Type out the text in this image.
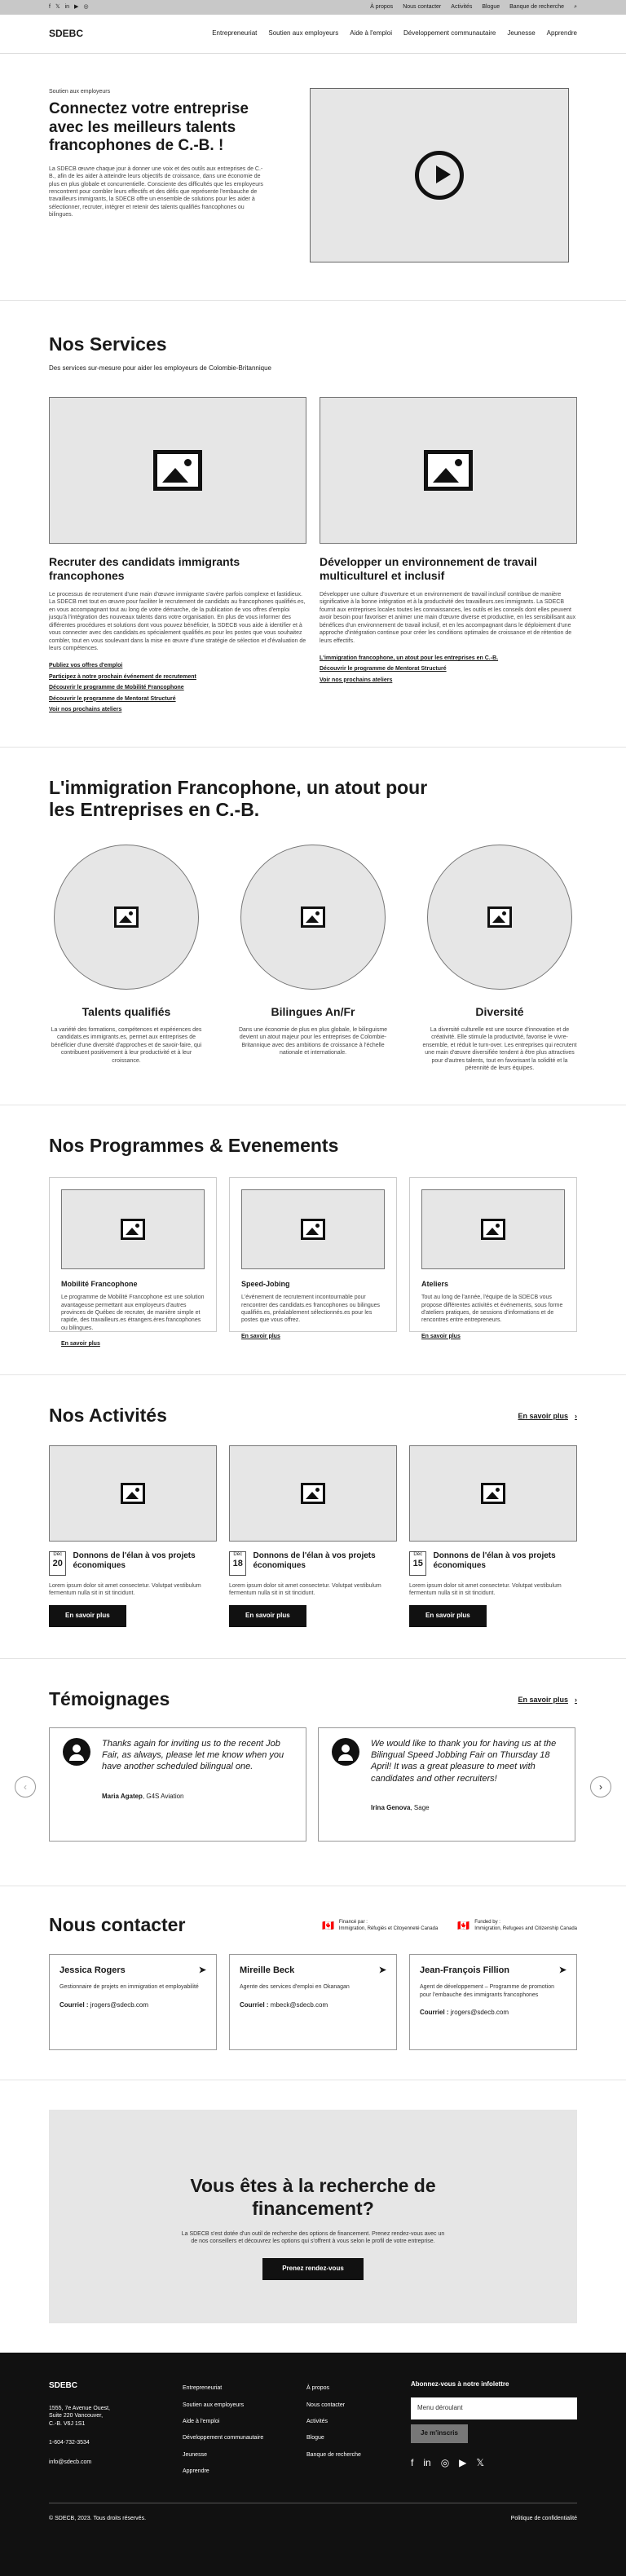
f 𝕏 in ▶ ◎	À propos Nous contacter Activités Blogue Banque de recherche ⌕
SDEBC	Entrepreneuriat Soutien aux employeurs Aide à l'emploi Développement communautaire Jeunesse Apprendre
Soutien aux employeurs
Connectez votre entreprise avec les meilleurs talents francophones de C.-B. !

La SDECB œuvre chaque jour à donner une voix et des outils aux entreprises de C.-B., afin de les aider à atteindre leurs objectifs de croissance, dans une économie de plus en plus globale et concurrentielle. Consciente des difficultés que les employeurs rencontrent pour combler leurs effectifs et des défis que représente l'embauche de travailleurs immigrants, la SDECB offre un ensemble de solutions pour les aider à sélectionner, recruter, intégrer et retenir des talents qualifiés francophones ou bilingues.

Nos Services
Des services sur-mesure pour aider les employeurs de Colombie-Britannique
Recruter des candidats immigrants francophones

Le processus de recrutement d'une main d'œuvre immigrante s'avère parfois complexe et fastidieux. La SDECB met tout en œuvre pour faciliter le recrutement de candidats au francophones qualifiés.es, en vous accompagnant tout au long de votre démarche, de la publication de vos offres d'emploi jusqu'à l'intégration des nouveaux talents dans votre organisation. En plus de vous informer des différentes procédures et solutions dont vous pouvez bénéficier, la SDECB vous aide à identifier et à vous connecter avec des candidats.es spécialement qualifiés.es pour les postes que vous souhaitez combler, tout en vous soulevant dans la mise en œuvre d'une stratégie de sélection et d'évaluation de leurs compétences.

Publiez vos offres d'emploi
Participez à notre prochain événement de recrutement
Découvrir le programme de Mobilité Francophone
Découvrir le programme de Mentorat Structuré
Voir nos prochains ateliers
Développer un environnement de travail multiculturel et inclusif

Développer une culture d'ouverture et un environnement de travail inclusif contribue de manière significative à la bonne intégration et à la productivité des travailleurs.ses immigrants. La SDECB fournit aux entreprises locales toutes les connaissances, les outils et les conseils dont elles peuvent avoir besoin pour favoriser et animer une main d'œuvre diverse et productive, en les sensibilisant aux bénéfices d'un environnement de travail inclusif, et en les accompagnant dans le déploiement d'une approche d'intégration continue pour créer les conditions optimales de croissance et de rétention de leurs effectifs.

L'immigration francophone, un atout pour les entreprises en C.-B.
Découvrir le programme de Mentorat Structuré
Voir nos prochains ateliers
L'immigration Francophone, un atout pour les Entreprises en C.-B.
Talents qualifiés

La variété des formations, compétences et expériences des candidats.es immigrants.es, permet aux entreprises de bénéficier d'une diversité d'approches et de savoir-faire, qui contribuent positivement à leur productivité et à leur croissance.

Bilingues An/Fr

Dans une économie de plus en plus globale, le bilinguisme devient un atout majeur pour les entreprises de Colombie-Britannique avec des ambitions de croissance à l'échelle nationale et internationale.

Diversité

La diversité culturelle est une source d'innovation et de créativité. Elle stimule la productivité, favorise le vivre-ensemble, et réduit le turn-over. Les entreprises qui recrutent une main d'œuvre diversifiée tendent à être plus attractives pour d'autres talents, tout en favorisant la solidité et la pérennité de leurs équipes.

Nos Programmes & Evenements
Mobilité Francophone

Le programme de Mobilité Francophone est une solution avantageuse permettant aux employeurs d'autres provinces de Québec de recruter, de manière simple et rapide, des travailleurs.es étrangers.ères francophones ou bilingues.

En savoir plus
Speed-Jobing

L'événement de recrutement incontournable pour rencontrer des candidats.es francophones ou bilingues qualifiés.es, préalablement sélectionnés.es pour les postes que vous offrez.

En savoir plus
Ateliers

Tout au long de l'année, l'équipe de la SDECB vous propose différentes activités et événements, sous forme d'ateliers pratiques, de sessions d'informations et de rencontres entre entrepreneurs.

En savoir plus
Nos Activités	En savoir plus ›
Déc
20
Donnons de l'élan à vos projets économiques

Lorem ipsum dolor sit amet consectetur. Volutpat vestibulum fermentum nulla sit in sit tincidunt.

En savoir plus
Déc
18
Donnons de l'élan à vos projets économiques

Lorem ipsum dolor sit amet consectetur. Volutpat vestibulum fermentum nulla sit in sit tincidunt.

En savoir plus
Déc
15
Donnons de l'élan à vos projets économiques

Lorem ipsum dolor sit amet consectetur. Volutpat vestibulum fermentum nulla sit in sit tincidunt.

En savoir plus
Témoignages	En savoir plus ›
‹
Thanks again for inviting us to the recent Job Fair, as always, please let me know when you have another scheduled bilingual one.
Maria Agatep, G4S Aviation
We would like to thank you for having us at the Bilingual Speed Jobbing Fair on Thursday 18 April! It was a great pleasure to meet with candidates and other recruiters!
Irina Genova, Sage
›
Nous contacter	🇨🇦 Financé par :
Immigration, Réfugiés et Citoyenneté Canada 🇨🇦 Funded by :
Immigration, Refugees and Citizenship Canada
Jessica Rogers	➤

Gestionnaire de projets en immigration et employabilité

Courriel : jrogers@sdecb.com
Mireille Beck	➤

Agente des services d'emploi en Okanagan

Courriel : mbeck@sdecb.com
Jean-François Fillion	➤

Agent de développement – Programme de promotion pour l'embauche des immigrants francophones

Courriel : jrogers@sdecb.com
Vous êtes à la recherche de financement?

La SDECB s'est dotée d'un outil de recherche des options de financement. Prenez rendez-vous avec un de nos conseillers et découvrez les options qui s'offrent à vous selon le profil de votre entreprise.

Prenez rendez-vous
SDEBC
1555, 7e Avenue Ouest,
Suite 220 Vancouver,
C.-B. V6J 1S1
1-604-732-3534
info@sdecb.com
Entrepreneuriat
Soutien aux employeurs
Aide à l'emploi
Développement communautaire
Jeunesse
Apprendre
À propos
Nous contacter
Activités
Blogue
Banque de recherche
Abonnez-vous à notre infolettre
Menu déroulant
Je m'inscris
f in ◎ ▶ 𝕏
© SDECB, 2023. Tous droits réservés.	Politique de confidentialité
